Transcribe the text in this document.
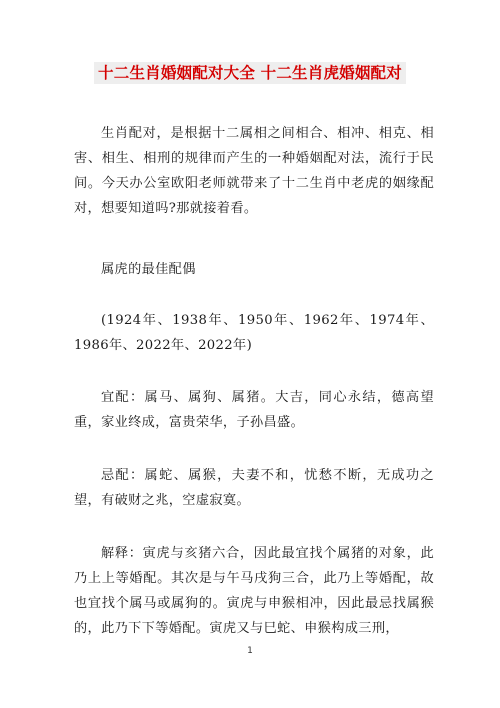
十二生肖婚姻配对大全 十二生肖虎婚姻配对

生肖配对，是根据十二属相之间相合、相冲、相克、相害、相生、相刑的规律而产生的一种婚姻配对法，流行于民间。今天办公室欧阳老师就带来了十二生肖中老虎的姻缘配对，想要知道吗?那就接着看。

属虎的最佳配偶

(1924年、1938年、1950年、1962年、1974年、1986年、2022年、2022年)

宜配：属马、属狗、属猪。大吉，同心永结，德高望重，家业终成，富贵荣华，子孙昌盛。

忌配：属蛇、属猴，夫妻不和，忧愁不断，无成功之望，有破财之兆，空虚寂寞。

解释：寅虎与亥猪六合，因此最宜找个属猪的对象，此乃上上等婚配。其次是与午马戌狗三合，此乃上等婚配，故也宜找个属马或属狗的。寅虎与申猴相冲，因此最忌找属猴的，此乃下下等婚配。寅虎又与巳蛇、申猴构成三刑，

1
